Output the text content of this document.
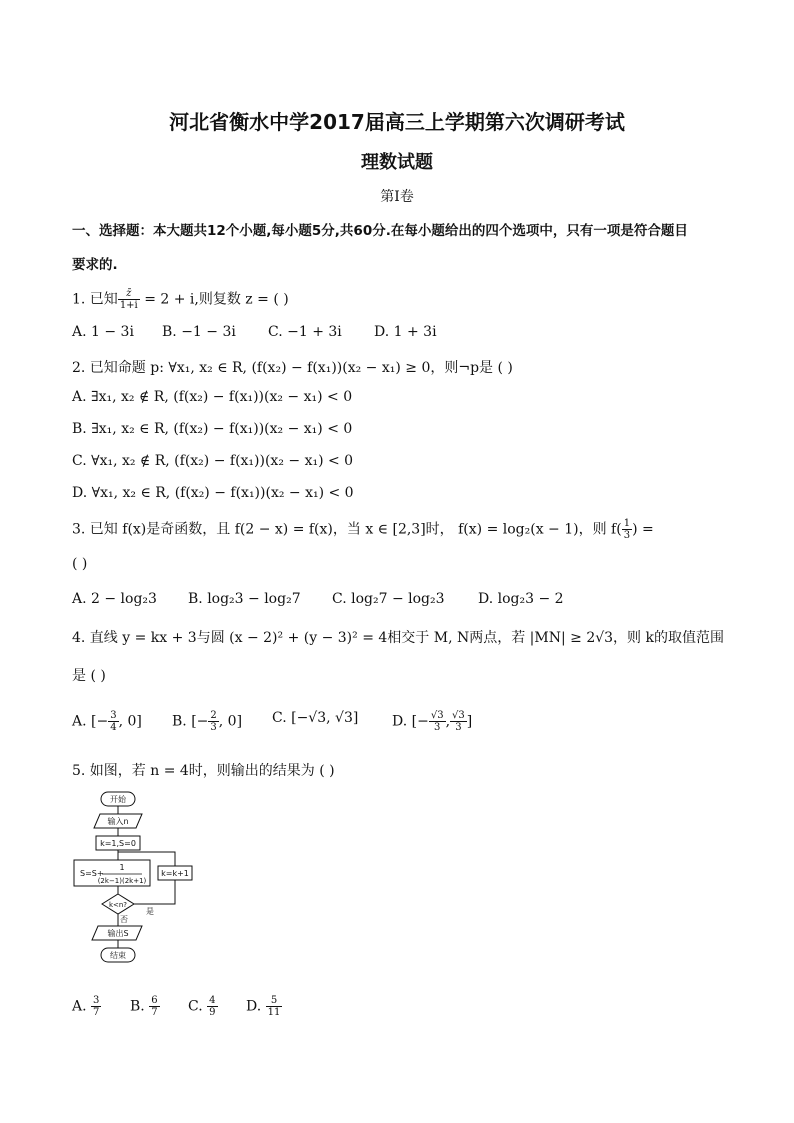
河北省衡水中学2017届高三上学期第六次调研考试
理数试题
第Ⅰ卷
一、选择题：本大题共12个小题,每小题5分,共60分.在每小题给出的四个选项中，只有一项是符合题目
要求的.
1. 已知 $\frac{z̄}{1+i} = 2 + i$,则复数 z = ( )
A. 1 − 3i B. −1 − 3i C. −1 + 3i D. 1 + 3i
2. 已知命题 p: ∀x₁, x₂ ∈ R, (f(x₂) − f(x₁))(x₂ − x₁) ≥ 0，则¬p是 ( )
A. ∃x₁, x₂ ∉ R, (f(x₂) − f(x₁))(x₂ − x₁) < 0
B. ∃x₁, x₂ ∈ R, (f(x₂) − f(x₁))(x₂ − x₁) < 0
C. ∀x₁, x₂ ∉ R, (f(x₂) − f(x₁))(x₂ − x₁) < 0
D. ∀x₁, x₂ ∈ R, (f(x₂) − f(x₁))(x₂ − x₁) < 0
3. 已知 f(x)是奇函数，且 f(2 − x) = f(x)，当 x ∈ [2,3]时， f(x) = log₂(x − 1)，则 $f( \frac{1}{3}$ ) =
( )
A. 2 − log₂3 B. log₂3 − log₂7 C. log₂7 − log₂3 D. log₂3 − 2
4. 直线 y = kx + 3与圆 (x − 2)² + (y − 3)² = 4相交于 M, N两点，若 |MN| ≥ 2√3，则 k的取值范围
是 ( )
A. [− $\frac{3}{4}$ , 0] B. [− $\frac{2}{3}$ , 0] C. [−√3, √3] D. [− $\frac{√3}{3}$ , $\frac{√3}{3}$ ]
5. 如图，若 n = 4时，则输出的结果为 ( )
开始
输入n
k=1,S=0
S=S+
1
(2k−1)(2k+1)
k=k+1
k<n?
是
否
输出S
结束
A. $\frac{3}{7} B$. $\frac{6}{7} C$. $\frac{4}{9} D$. $\frac{5}{11}$
